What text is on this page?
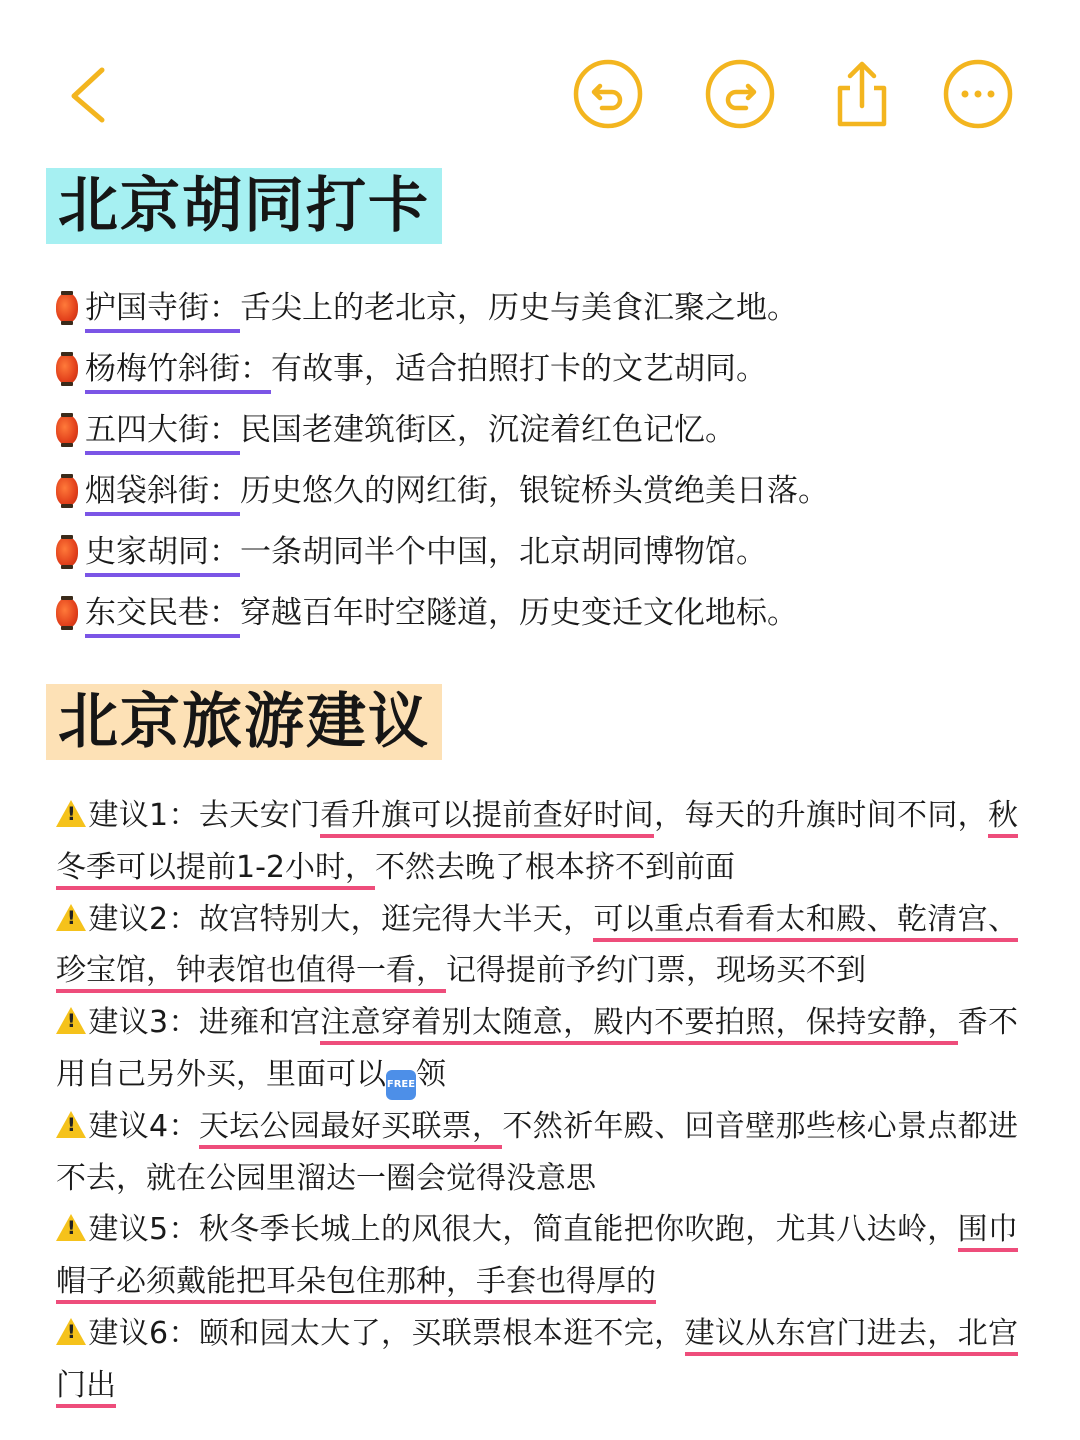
北京胡同打卡
护国寺街：舌尖上的老北京，历史与美食汇聚之地。
杨梅竹斜街：有故事，适合拍照打卡的文艺胡同。
五四大街：民国老建筑街区，沉淀着红色记忆。
烟袋斜街：历史悠久的网红街，银锭桥头赏绝美日落。
史家胡同：一条胡同半个中国，北京胡同博物馆。
东交民巷：穿越百年时空隧道，历史变迁文化地标。
北京旅游建议
!建议1：去天安门看升旗可以提前查好时间，每天的升旗时间不同，秋冬季可以提前1-2小时，不然去晚了根本挤不到前面
!建议2：故宫特别大，逛完得大半天，可以重点看看太和殿、乾清宫、珍宝馆，钟表馆也值得一看，记得提前予约门票，现场买不到
!建议3：进雍和宫注意穿着别太随意，殿内不要拍照，保持安静，香不用自己另外买，里面可以FREE领
!建议4：天坛公园最好买联票，不然祈年殿、回音壁那些核心景点都进不去，就在公园里溜达一圈会觉得没意思
!建议5：秋冬季长城上的风很大，简直能把你吹跑，尤其八达岭，围巾帽子必须戴能把耳朵包住那种，手套也得厚的
!建议6：颐和园太大了，买联票根本逛不完，建议从东宫门进去，北宫门出
